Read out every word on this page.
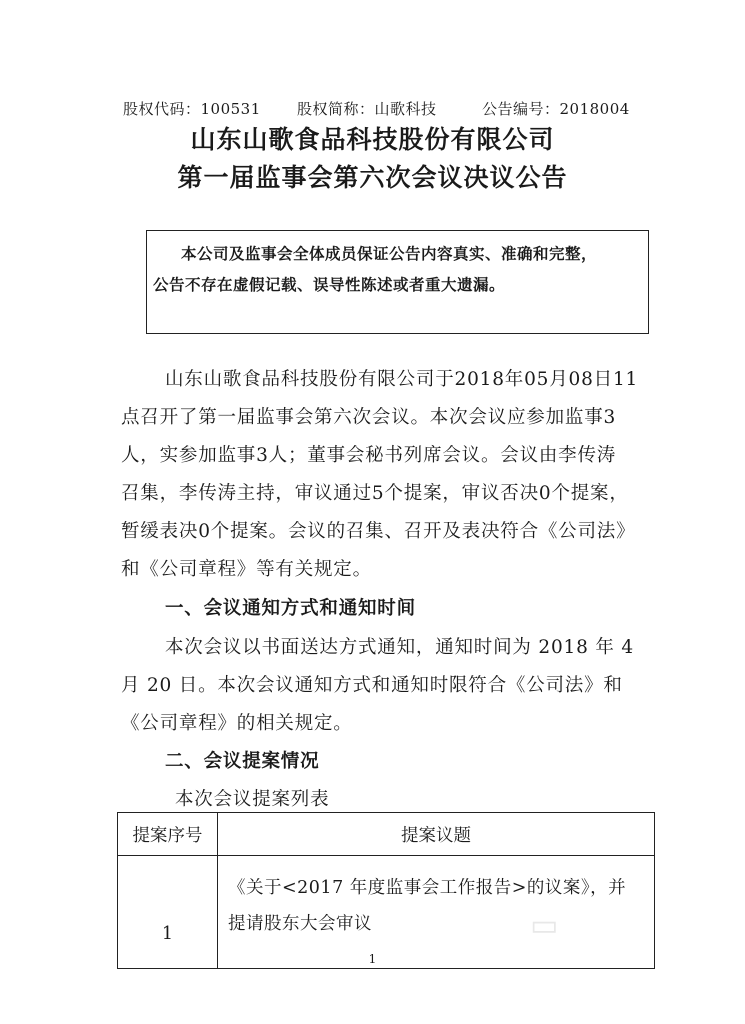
股权代码：100531 股权简称：山歌科技	公告编号：2018004
山东山歌食品科技股份有限公司
第一届监事会第六次会议决议公告
本公司及监事会全体成员保证公告内容真实、准确和完整，
公告不存在虚假记载、误导性陈述或者重大遗漏。
山东山歌食品科技股份有限公司于2018年05月08日11
点召开了第一届监事会第六次会议。本次会议应参加监事3
人，实参加监事3人；董事会秘书列席会议。会议由李传涛
召集，李传涛主持，审议通过5个提案，审议否决0个提案，
暂缓表决0个提案。会议的召集、召开及表决符合《公司法》
和《公司章程》等有关规定。
一、会议通知方式和通知时间
本次会议以书面送达方式通知，通知时间为 2018 年 4
月 20 日。本次会议通知方式和通知时限符合《公司法》和
《公司章程》的相关规定。
二、会议提案情况
本次会议提案列表
提案序号	提案议题
1	《关于<2017 年度监事会工作报告>的议案》，并提请股东大会审议	▭
1
